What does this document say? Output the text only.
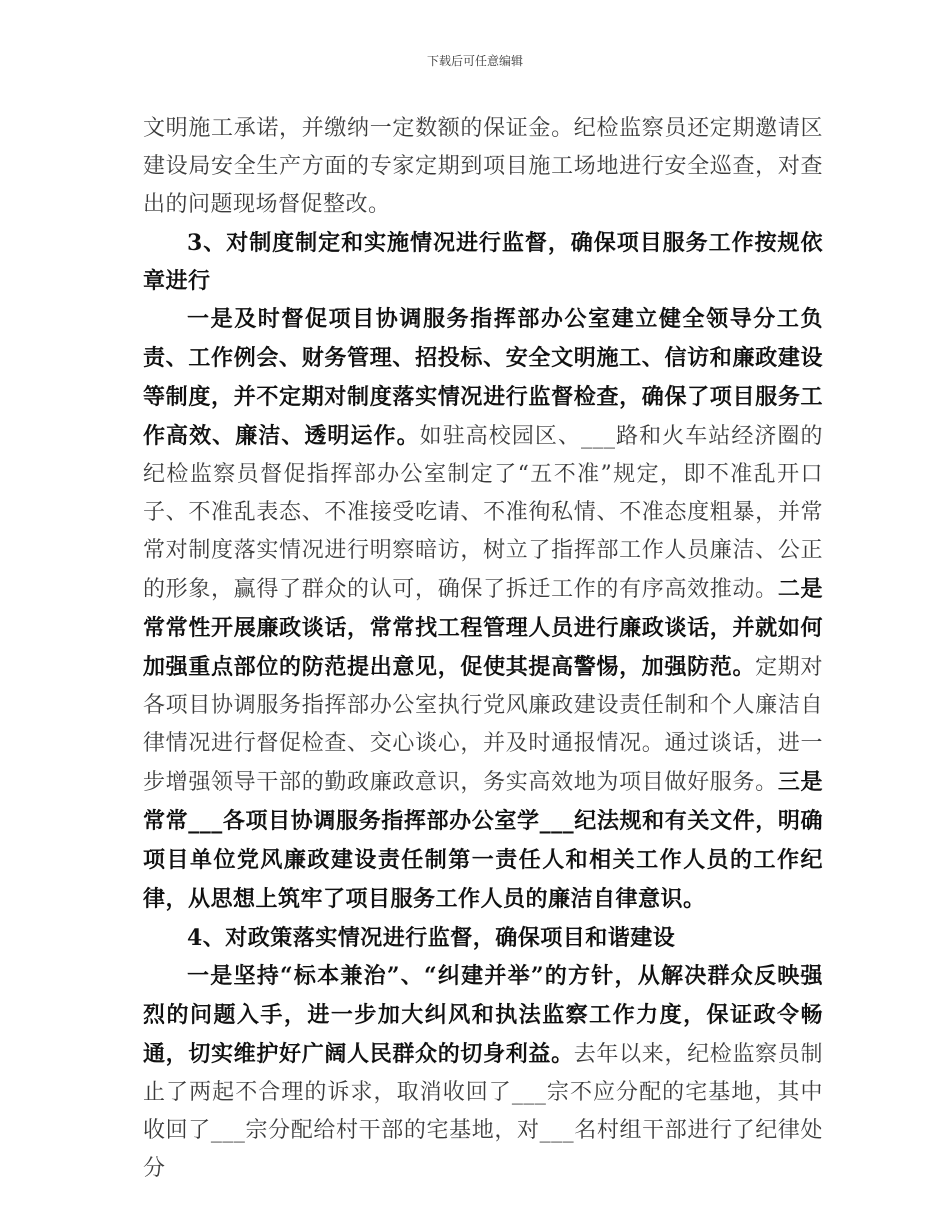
下载后可任意编辑

文明施工承诺，并缴纳一定数额的保证金。纪检监察员还定期邀请区建设局安全生产方面的专家定期到项目施工场地进行安全巡查，对查出的问题现场督促整改。

3、对制度制定和实施情况进行监督，确保项目服务工作按规依章进行

一是及时督促项目协调服务指挥部办公室建立健全领导分工负责、工作例会、财务管理、招投标、安全文明施工、信访和廉政建设等制度，并不定期对制度落实情况进行监督检查，确保了项目服务工作高效、廉洁、透明运作。如驻高校园区、___路和火车站经济圈的纪检监察员督促指挥部办公室制定了“五不准”规定，即不准乱开口子、不准乱表态、不准接受吃请、不准徇私情、不准态度粗暴，并常常对制度落实情况进行明察暗访，树立了指挥部工作人员廉洁、公正的形象，赢得了群众的认可，确保了拆迁工作的有序高效推动。二是常常性开展廉政谈话，常常找工程管理人员进行廉政谈话，并就如何加强重点部位的防范提出意见，促使其提高警惕，加强防范。定期对各项目协调服务指挥部办公室执行党风廉政建设责任制和个人廉洁自律情况进行督促检查、交心谈心，并及时通报情况。通过谈话，进一步增强领导干部的勤政廉政意识，务实高效地为项目做好服务。三是常常___各项目协调服务指挥部办公室学___纪法规和有关文件，明确项目单位党风廉政建设责任制第一责任人和相关工作人员的工作纪律，从思想上筑牢了项目服务工作人员的廉洁自律意识。

4、对政策落实情况进行监督，确保项目和谐建设

一是坚持“标本兼治”、“纠建并举”的方针，从解决群众反映强烈的问题入手，进一步加大纠风和执法监察工作力度，保证政令畅通，切实维护好广阔人民群众的切身利益。去年以来，纪检监察员制止了两起不合理的诉求，取消收回了___宗不应分配的宅基地，其中收回了___宗分配给村干部的宅基地，对___名村组干部进行了纪律处分
